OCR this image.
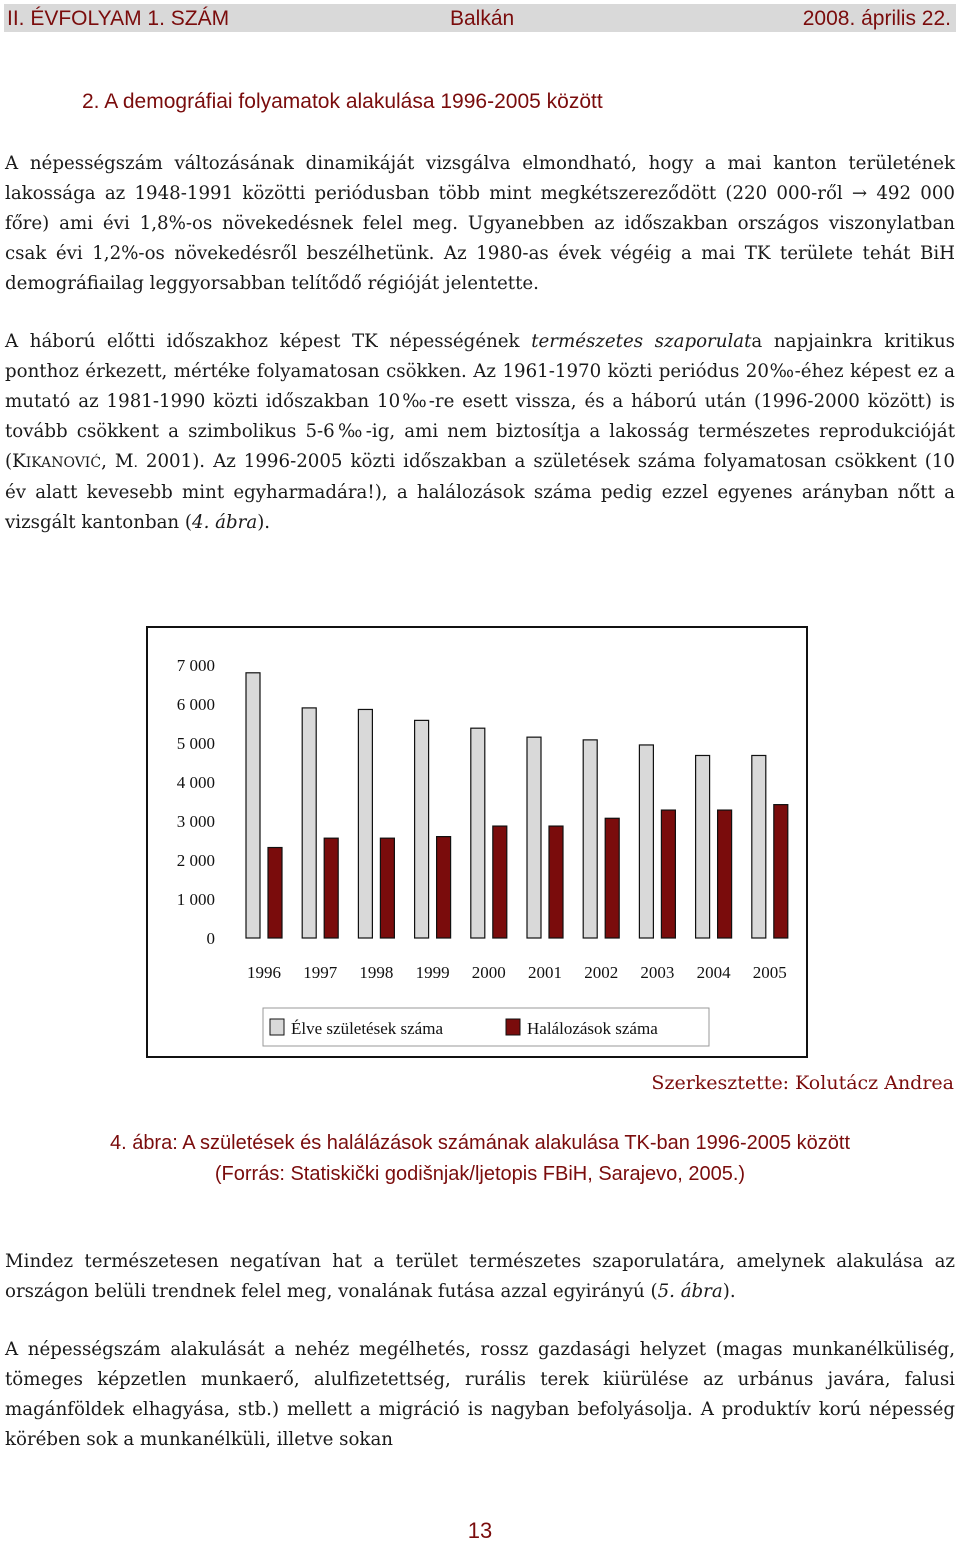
II. ÉVFOLYAM 1. SZÁM	Balkán	2008. április 22.
2. A demográfiai folyamatok alakulása 1996-2005 között

A népességszám változásának dinamikáját vizsgálva elmondható, hogy a mai kanton területének lakossága az 1948-1991 közötti periódusban több mint megkétszereződött (220 000-ről → 492 000 főre) ami évi 1,8%-os növekedésnek felel meg. Ugyanebben az időszakban országos viszonylatban csak évi 1,2%-os növekedésről beszélhetünk. Az 1980-as évek végéig a mai TK területe tehát BiH demográfiailag leggyorsabban telítődő régióját jelentette.

A háború előtti időszakhoz képest TK népességének természetes szaporulata napjainkra kritikus ponthoz érkezett, mértéke folyamatosan csökken. Az 1961-1970 közti periódus 20‰-éhez képest ez a mutató az 1981-1990 közti időszakban 10‰-re esett vissza, és a háború után (1996-2000 között) is tovább csökkent a szimbolikus 5-6‰-ig, ami nem biztosítja a lakosság természetes reprodukcióját (KIKANOVIĆ, M. 2001). Az 1996-2005 közti időszakban a születések száma folyamatosan csökkent (10 év alatt kevesebb mint egyharmadára!), a halálozások száma pedig ezzel egyenes arányban nőtt a vizsgált kantonban (4. ábra).

7 000
6 000
5 000
4 000
3 000
2 000
1 000
0
1996 1997 1998 1999 2000 2001 2002 2003 2004 2005
Élve születések száma	Halálozások száma

Szerkesztette: Kolutácz Andrea

4. ábra: A születések és halálázások számának alakulása TK-ban 1996-2005 között
(Forrás: Statiskički godišnjak/ljetopis FBiH, Sarajevo, 2005.)

Mindez természetesen negatívan hat a terület természetes szaporulatára, amelynek alakulása az országon belüli trendnek felel meg, vonalának futása azzal egyirányú (5. ábra).

A népességszám alakulását a nehéz megélhetés, rossz gazdasági helyzet (magas munkanélküliség, tömeges képzetlen munkaerő, alulfizetettség, rurális terek kiürülése az urbánus javára, falusi magánföldek elhagyása, stb.) mellett a migráció is nagyban befolyásolja. A produktív korú népesség körében sok a munkanélküli, illetve sokan

13
